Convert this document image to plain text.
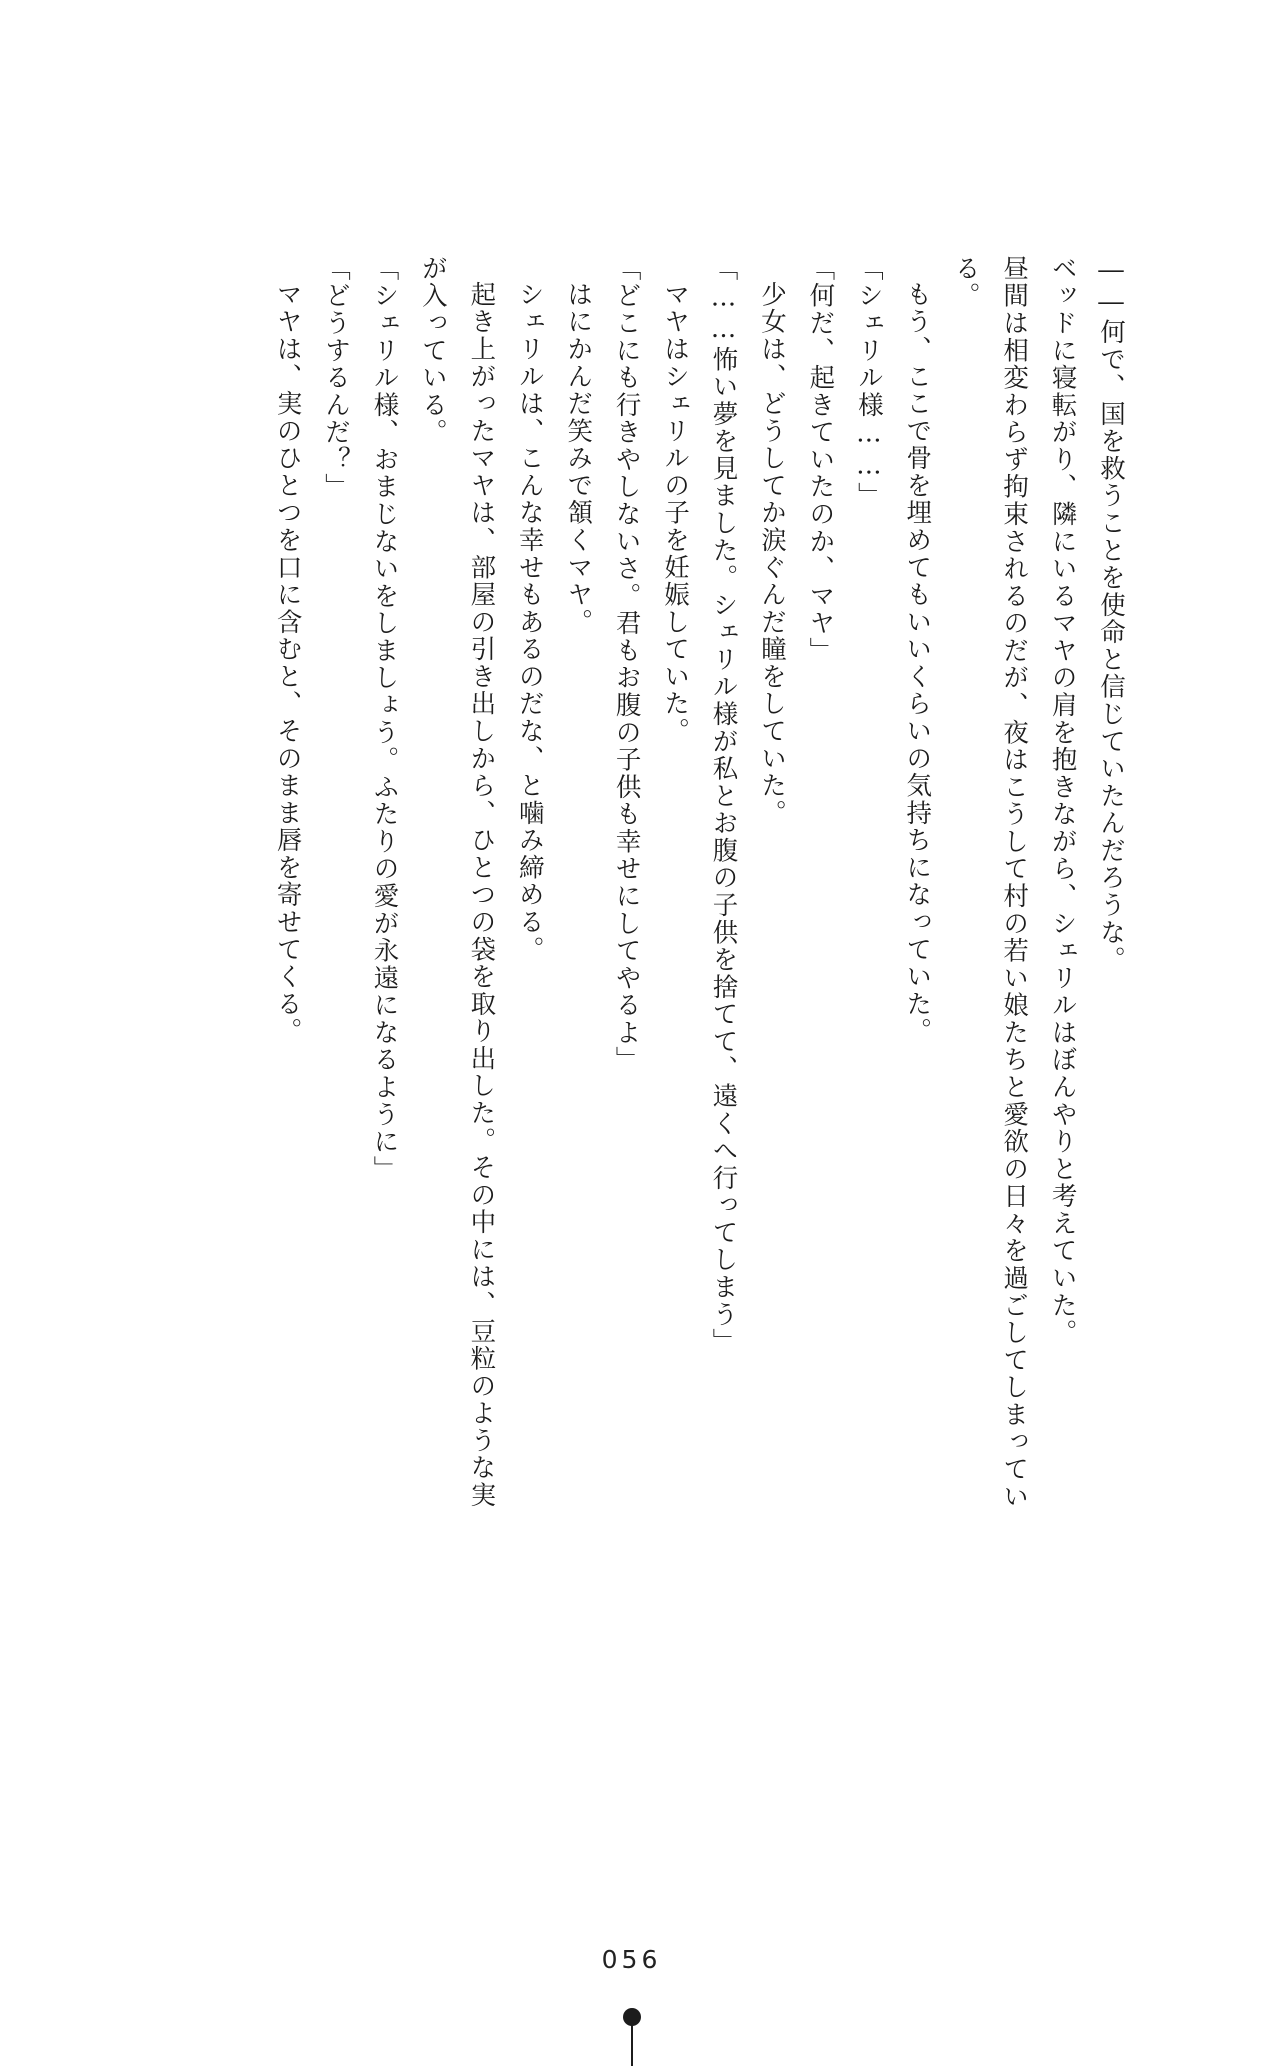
――何で、国を救うことを使命と信じていたんだろうな。

ベッドに寝転がり、隣にいるマヤの肩を抱きながら、シェリルはぼんやりと考えていた。

昼間は相変わらず拘束されるのだが、夜はこうして村の若い娘たちと愛欲の日々を過ごしてしまっている。

もう、ここで骨を埋めてもいいくらいの気持ちになっていた。

「シェリル様……」

「何だ、起きていたのか、マヤ」

少女は、どうしてか涙ぐんだ瞳をしていた。

「……怖い夢を見ました。シェリル様が私とお腹の子供を捨てて、遠くへ行ってしまう」

マヤはシェリルの子を妊娠していた。

「どこにも行きやしないさ。君もお腹の子供も幸せにしてやるよ」

はにかんだ笑みで頷くマヤ。

シェリルは、こんな幸せもあるのだな、と噛み締める。

起き上がったマヤは、部屋の引き出しから、ひとつの袋を取り出した。その中には、豆粒のような実が入っている。

「シェリル様、おまじないをしましょう。ふたりの愛が永遠になるように」

「どうするんだ？」

マヤは、実のひとつを口に含むと、そのまま唇を寄せてくる。

056
